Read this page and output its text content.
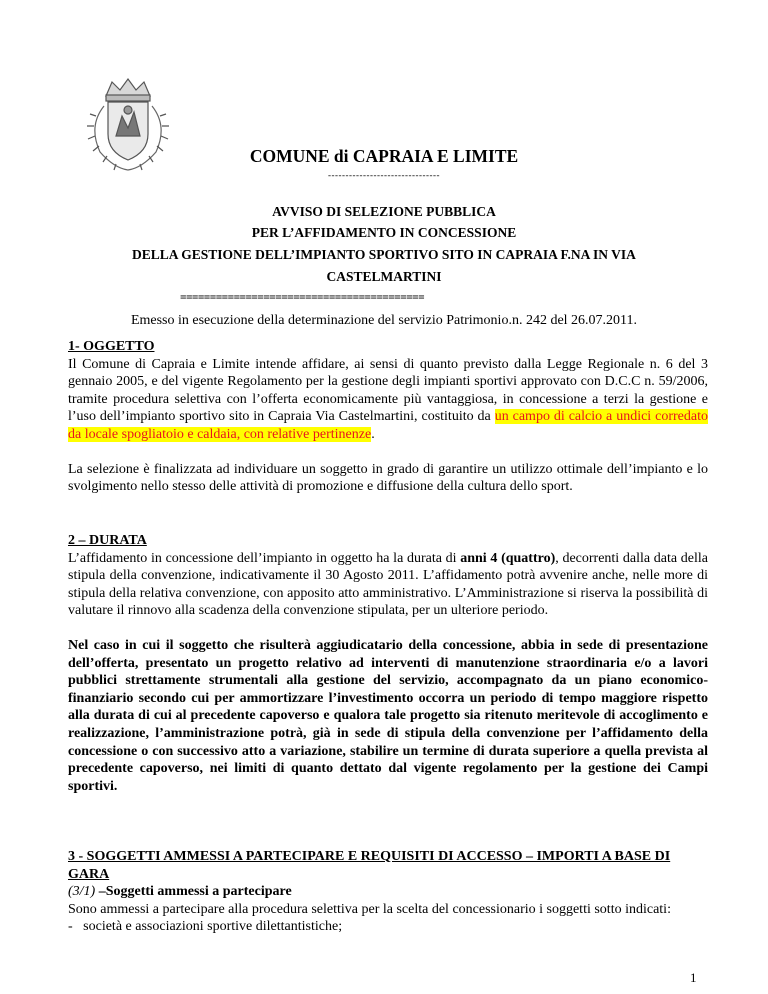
COMUNE di CAPRAIA E LIMITE
--------------------------------
AVVISO DI SELEZIONE PUBBLICA
PER L’AFFIDAMENTO IN CONCESSIONE
DELLA GESTIONE DELL’IMPIANTO SPORTIVO SITO IN CAPRAIA F.NA IN VIA
CASTELMARTINI
=========================================
Emesso in esecuzione della determinazione del servizio Patrimonio.n. 242 del 26.07.2011.

1- OGGETTO

Il Comune di Capraia e Limite intende affidare, ai sensi di quanto previsto dalla Legge Regionale n. 6 del 3 gennaio 2005, e del vigente Regolamento per la gestione degli impianti sportivi approvato con D.C.C n. 59/2006, tramite procedura selettiva con l’offerta economicamente più vantaggiosa, in concessione a terzi la gestione e l’uso dell’impianto sportivo sito in Capraia Via Castelmartini, costituito da un campo di calcio a undici corredato da locale spogliatoio e caldaia, con relative pertinenze.

La selezione è finalizzata ad individuare un soggetto in grado di garantire un utilizzo ottimale dell’impianto e lo svolgimento nello stesso delle attività di promozione e diffusione della cultura dello sport.

2 – DURATA

L’affidamento in concessione dell’impianto in oggetto ha la durata di anni 4 (quattro), decorrenti dalla data della stipula della convenzione, indicativamente il 30 Agosto 2011. L’affidamento potrà avvenire anche, nelle more di stipula della relativa convenzione, con apposito atto amministrativo. L’Amministrazione si riserva la possibilità di valutare il rinnovo alla scadenza della convenzione stipulata, per un ulteriore periodo.

Nel caso in cui il soggetto che risulterà aggiudicatario della concessione, abbia in sede di presentazione dell’offerta, presentato un progetto relativo ad interventi di manutenzione straordinaria e/o a lavori pubblici strettamente strumentali alla gestione del servizio, accompagnato da un piano economico-finanziario secondo cui per ammortizzare l’investimento occorra un periodo di tempo maggiore rispetto alla durata di cui al precedente capoverso e qualora tale progetto sia ritenuto meritevole di accoglimento e realizzazione, l’amministrazione potrà, già in sede di stipula della convenzione per l’affidamento della concessione o con successivo atto a variazione, stabilire un termine di durata superiore a quella prevista al precedente capoverso, nei limiti di quanto dettato dal vigente regolamento per la gestione dei Campi sportivi.

3 - SOGGETTI AMMESSI A PARTECIPARE E REQUISITI DI ACCESSO – IMPORTI A BASE DI GARA

(3/1) –Soggetti ammessi a partecipare

Sono ammessi a partecipare alla procedura selettiva per la scelta del concessionario i soggetti sotto indicati:

-   società e associazioni sportive dilettantistiche;

1
